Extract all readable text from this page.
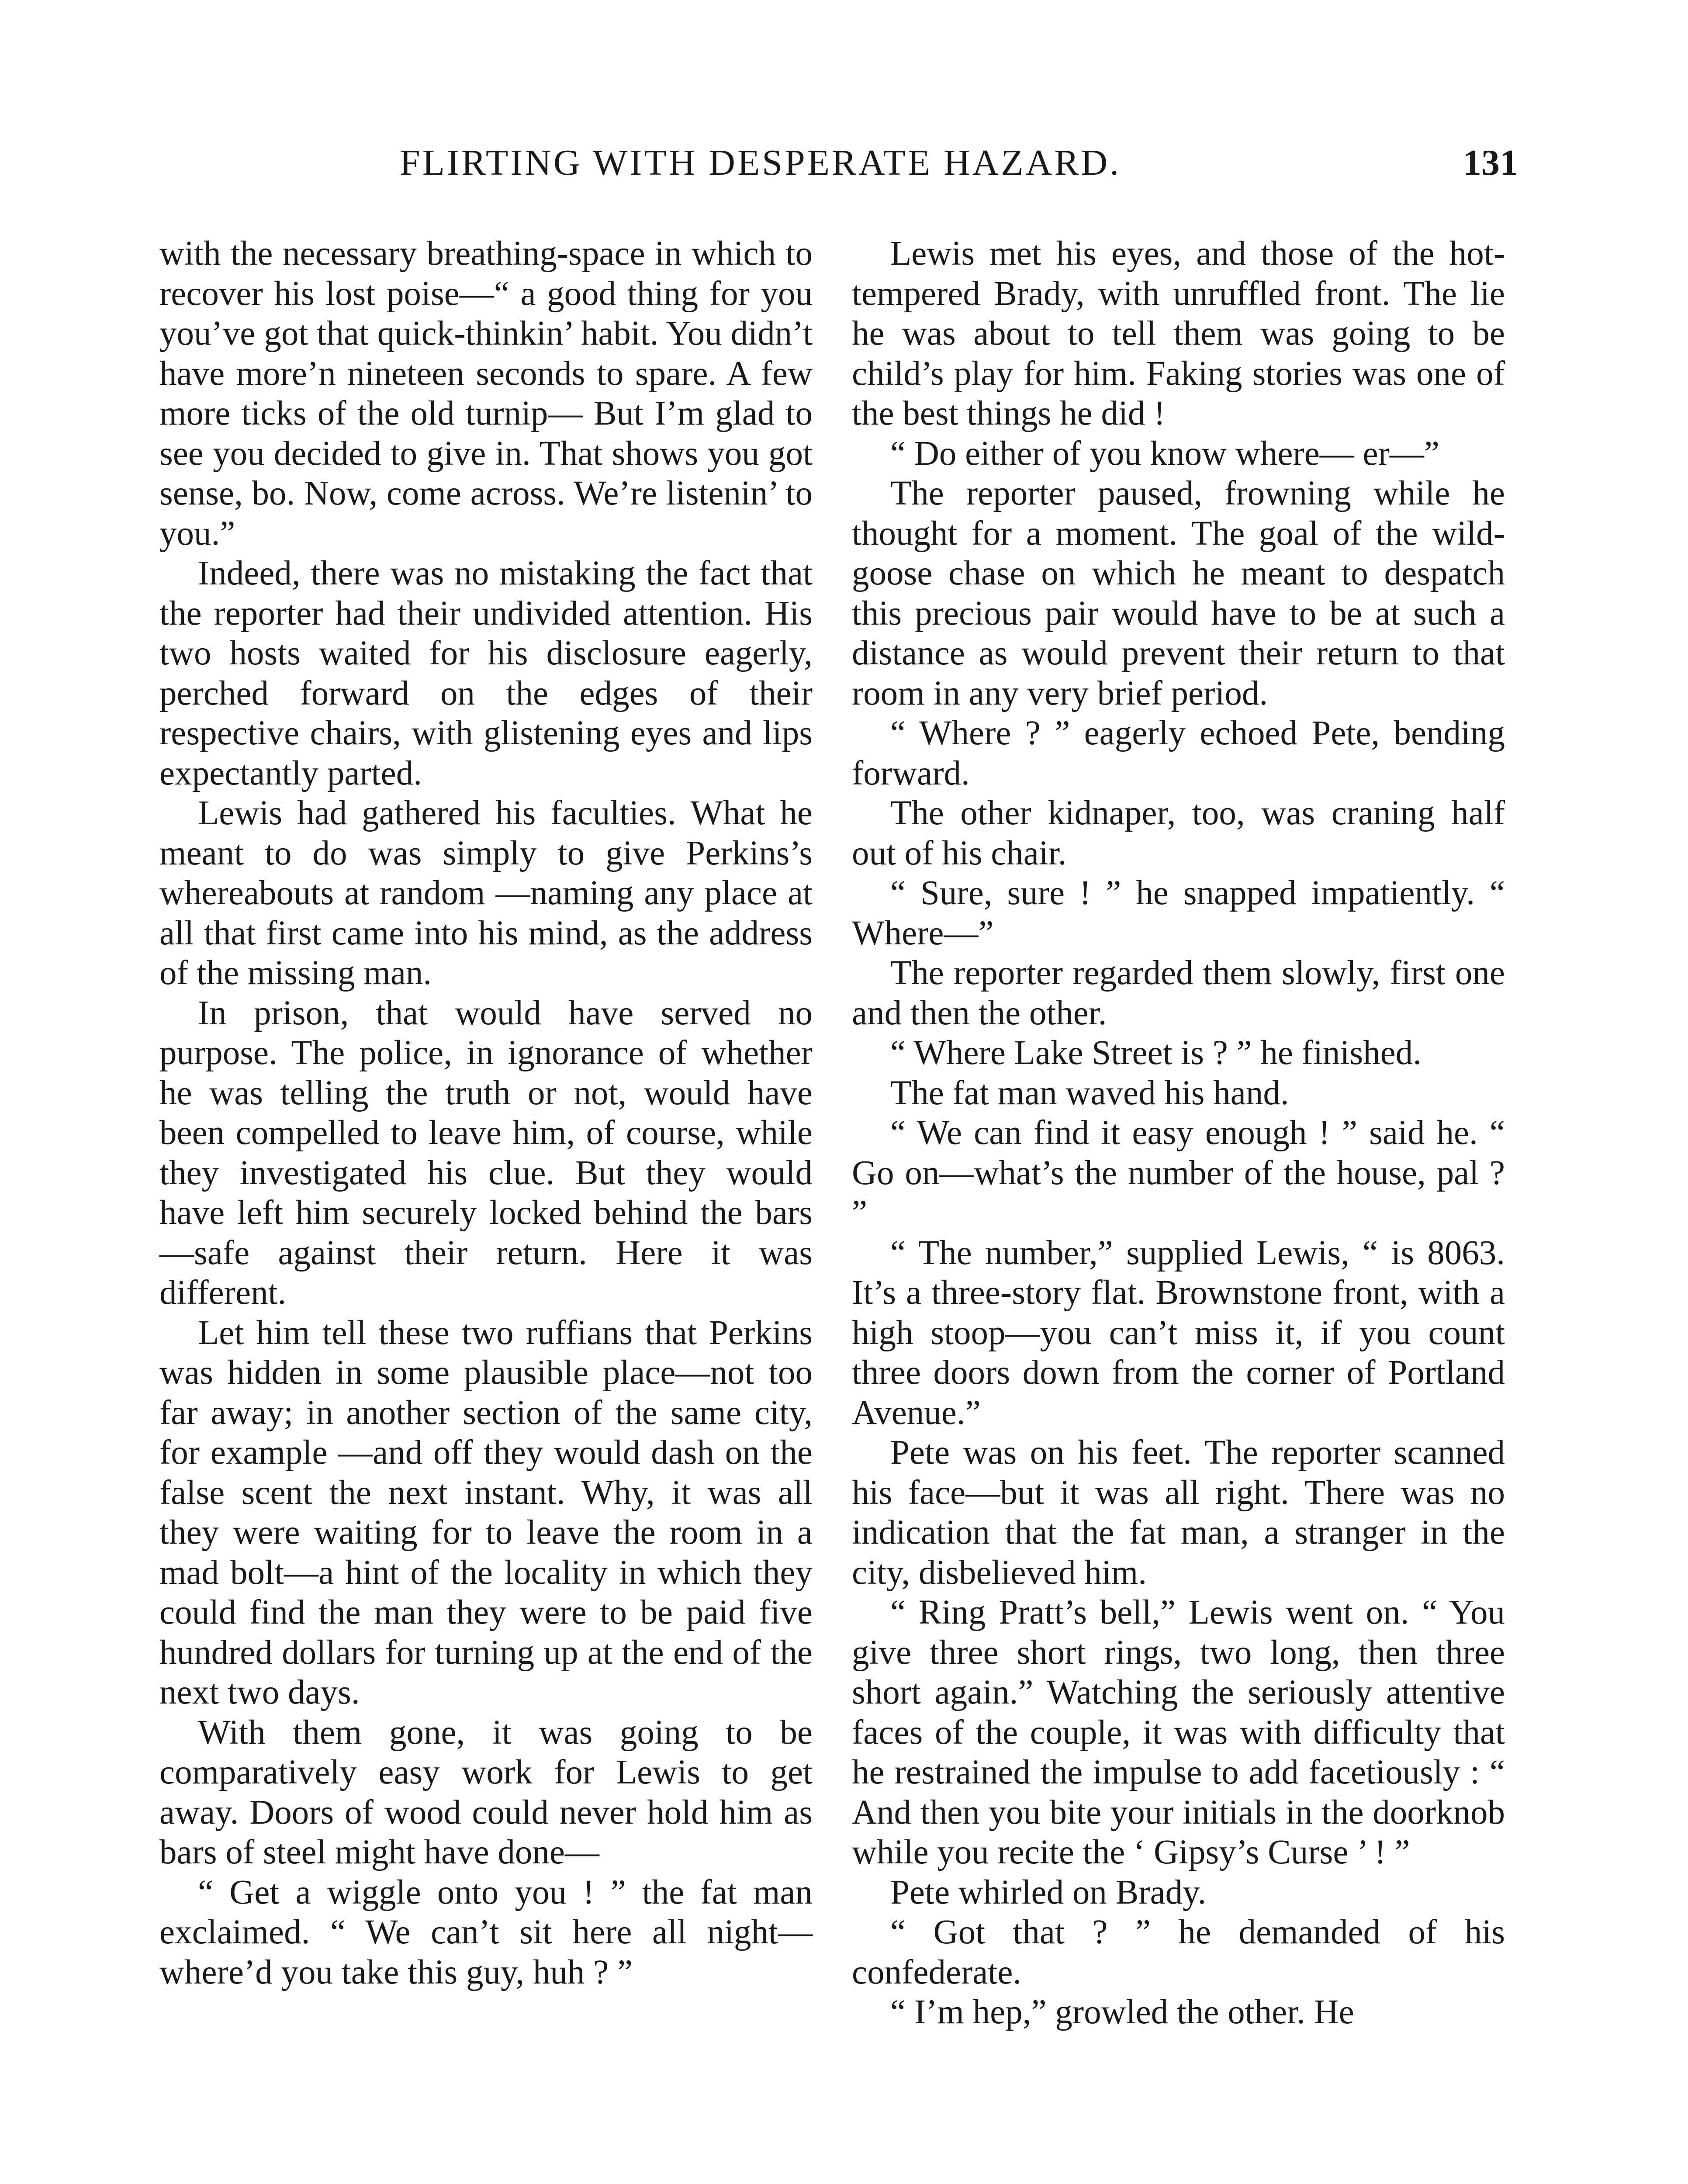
FLIRTING WITH DESPERATE HAZARD.	131

with the necessary breathing-space in which to recover his lost poise—“ a good thing for you you’ve got that quick-thinkin’ habit. You didn’t have more’n nineteen seconds to spare. A few more ticks of the old turnip— But I’m glad to see you decided to give in. That shows you got sense, bo. Now, come across. We’re listenin’ to you.”

Indeed, there was no mistaking the fact that the reporter had their undivided attention. His two hosts waited for his disclosure eagerly, perched forward on the edges of their respective chairs, with glistening eyes and lips expectantly parted.

Lewis had gathered his faculties. What he meant to do was simply to give Perkins’s whereabouts at random —naming any place at all that first came into his mind, as the address of the missing man.

In prison, that would have served no purpose. The police, in ignorance of whether he was telling the truth or not, would have been compelled to leave him, of course, while they investigated his clue. But they would have left him securely locked behind the bars—safe against their return. Here it was different.

Let him tell these two ruffians that Perkins was hidden in some plausible place—not too far away; in another section of the same city, for example —and off they would dash on the false scent the next instant. Why, it was all they were waiting for to leave the room in a mad bolt—a hint of the locality in which they could find the man they were to be paid five hundred dollars for turning up at the end of the next two days.

With them gone, it was going to be comparatively easy work for Lewis to get away. Doors of wood could never hold him as bars of steel might have done—

“ Get a wiggle onto you ! ” the fat man exclaimed. “ We can’t sit here all night—where’d you take this guy, huh ? ”

Lewis met his eyes, and those of the hot-tempered Brady, with unruffled front. The lie he was about to tell them was going to be child’s play for him. Faking stories was one of the best things he did !

“ Do either of you know where— er—”

The reporter paused, frowning while he thought for a moment. The goal of the wild-goose chase on which he meant to despatch this precious pair would have to be at such a distance as would prevent their return to that room in any very brief period.

“ Where ? ” eagerly echoed Pete, bending forward.

The other kidnaper, too, was craning half out of his chair.

“ Sure, sure ! ” he snapped impatiently. “ Where—”

The reporter regarded them slowly, first one and then the other.

“ Where Lake Street is ? ” he finished.

The fat man waved his hand.

“ We can find it easy enough ! ” said he. “ Go on—what’s the number of the house, pal ? ”

“ The number,” supplied Lewis, “ is 8063. It’s a three-story flat. Brownstone front, with a high stoop—you can’t miss it, if you count three doors down from the corner of Portland Avenue.”

Pete was on his feet. The reporter scanned his face—but it was all right. There was no indication that the fat man, a stranger in the city, disbelieved him.

“ Ring Pratt’s bell,” Lewis went on. “ You give three short rings, two long, then three short again.” Watching the seriously attentive faces of the couple, it was with difficulty that he restrained the impulse to add facetiously : “ And then you bite your initials in the doorknob while you recite the ‘ Gipsy’s Curse ’ ! ”

Pete whirled on Brady.

“ Got that ? ” he demanded of his confederate.

“ I’m hep,” growled the other. He
